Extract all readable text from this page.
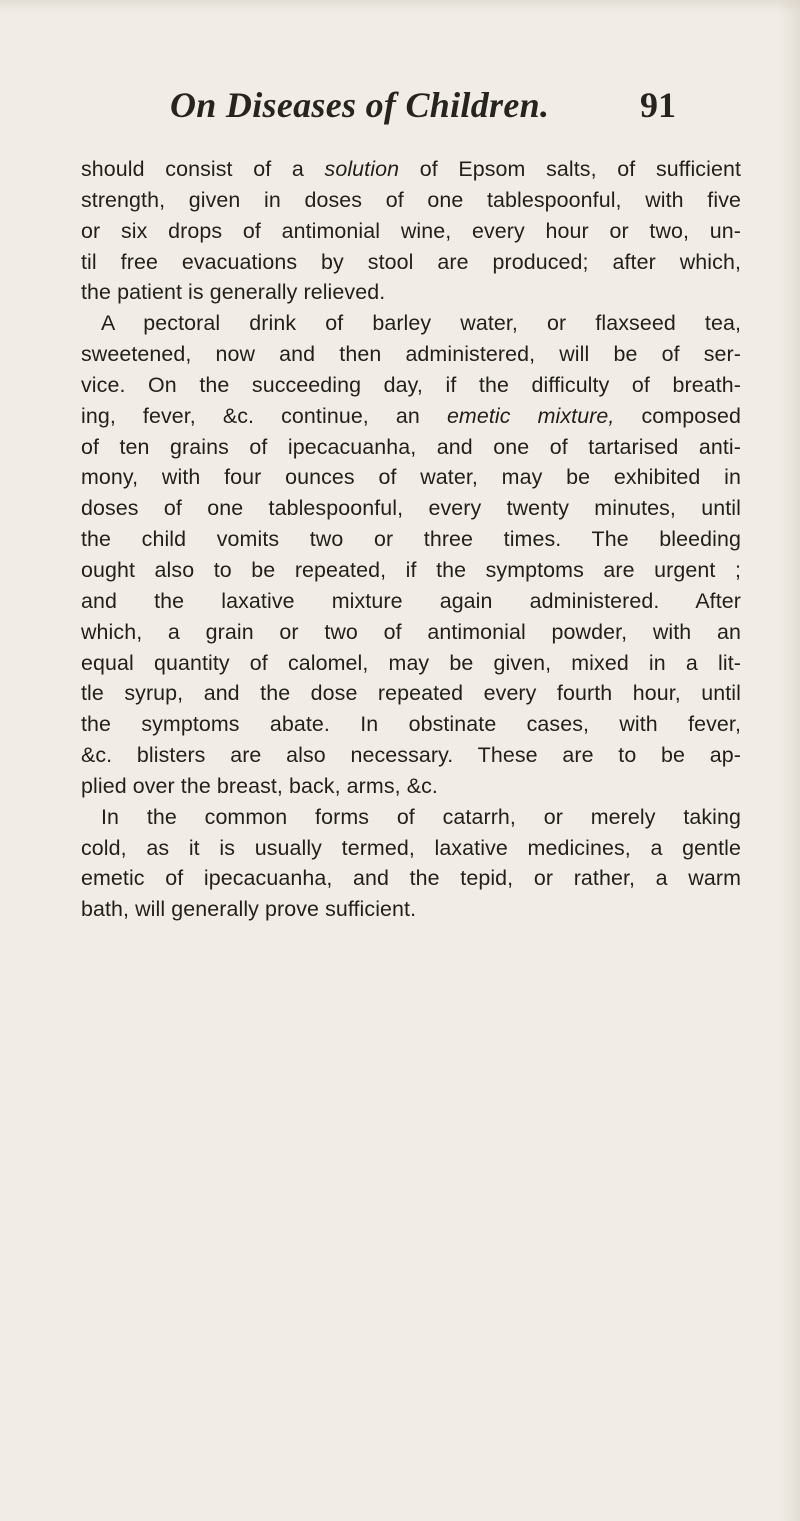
On Diseases of Children.	91
should consist of a solution of Epsom salts, of sufficient
strength, given in doses of one tablespoonful, with five
or six drops of antimonial wine, every hour or two, un-
til free evacuations by stool are produced; after which,
the patient is generally relieved.
A pectoral drink of barley water, or flaxseed tea,
sweetened, now and then administered, will be of ser-
vice. On the succeeding day, if the difficulty of breath-
ing, fever, &c. continue, an emetic mixture, composed
of ten grains of ipecacuanha, and one of tartarised anti-
mony, with four ounces of water, may be exhibited in
doses of one tablespoonful, every twenty minutes, until
the child vomits two or three times. The bleeding
ought also to be repeated, if the symptoms are urgent ;
and the laxative mixture again administered. After
which, a grain or two of antimonial powder, with an
equal quantity of calomel, may be given, mixed in a lit-
tle syrup, and the dose repeated every fourth hour, until
the symptoms abate. In obstinate cases, with fever,
&c. blisters are also necessary. These are to be ap-
plied over the breast, back, arms, &c.
In the common forms of catarrh, or merely taking
cold, as it is usually termed, laxative medicines, a gentle
emetic of ipecacuanha, and the tepid, or rather, a warm
bath, will generally prove sufficient.
